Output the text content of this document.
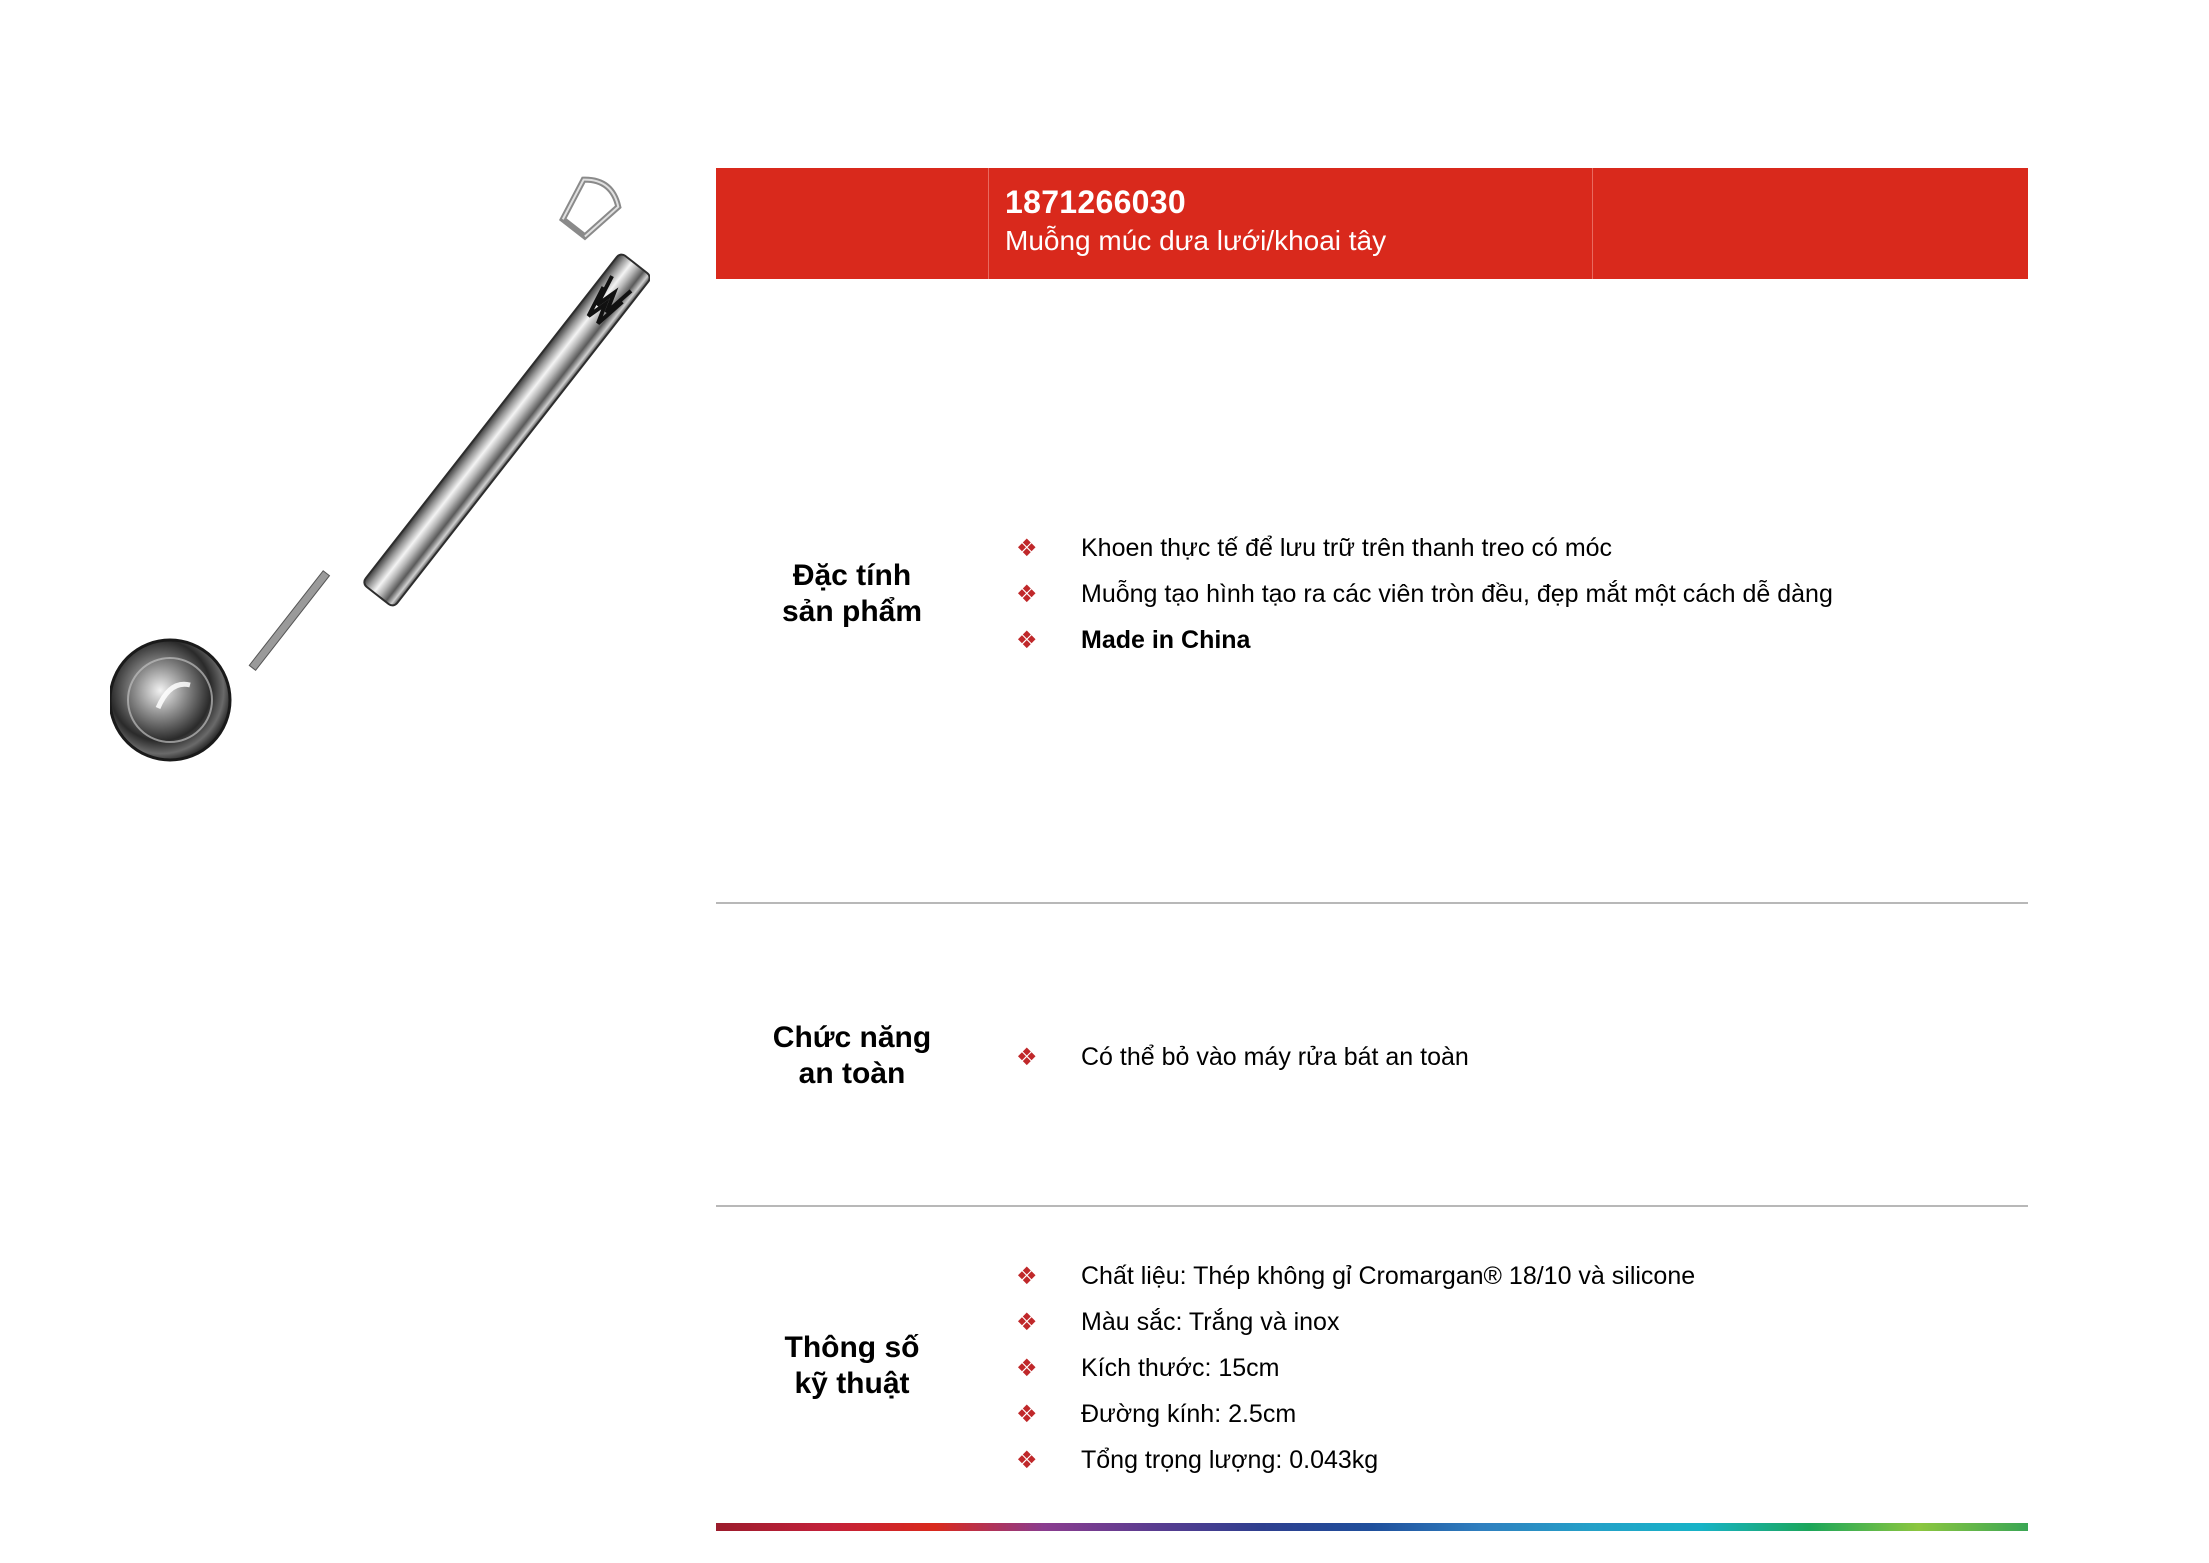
1871266030
Muỗng múc dưa lưới/khoai tây
Đặc tính
sản phẩm
❖ Khoen thực tế để lưu trữ trên thanh treo có móc
❖ Muỗng tạo hình tạo ra các viên tròn đều, đẹp mắt một cách dễ dàng
❖ Made in China
Chức năng
an toàn	❖ Có thể bỏ vào máy rửa bát an toàn
Thông số
kỹ thuật
❖ Chất liệu: Thép không gỉ Cromargan® 18/10 và silicone
❖ Màu sắc: Trắng và inox
❖ Kích thước: 15cm
❖ Đường kính: 2.5cm
❖ Tổng trọng lượng: 0.043kg
